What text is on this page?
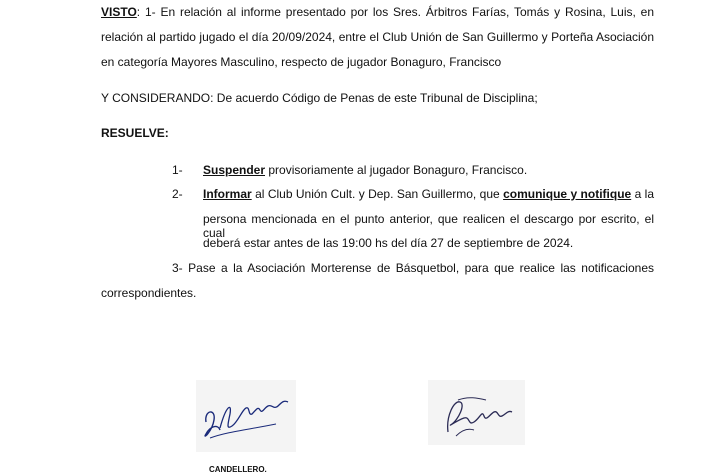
VISTO: 1- En relación al informe presentado por los Sres. Árbitros Farías, Tomás y Rosina, Luis, en
relación al partido jugado el día 20/09/2024, entre el Club Unión de San Guillermo y Porteña Asociación
en categoría Mayores Masculino, respecto de jugador Bonaguro, Francisco
Y CONSIDERANDO: De acuerdo Código de Penas de este Tribunal de Disciplina;
RESUELVE:
1- Suspender provisoriamente al jugador Bonaguro, Francisco.
2- Informar al Club Unión Cult. y Dep. San Guillermo, que comunique y notifique a la
persona mencionada en el punto anterior, que realicen el descargo por escrito, el cual
deberá estar antes de las 19:00 hs del día 27 de septiembre de 2024.
3- Pase a la Asociación Morterense de Básquetbol, para que realice las notificaciones
correspondientes.
CANDELLERO.
